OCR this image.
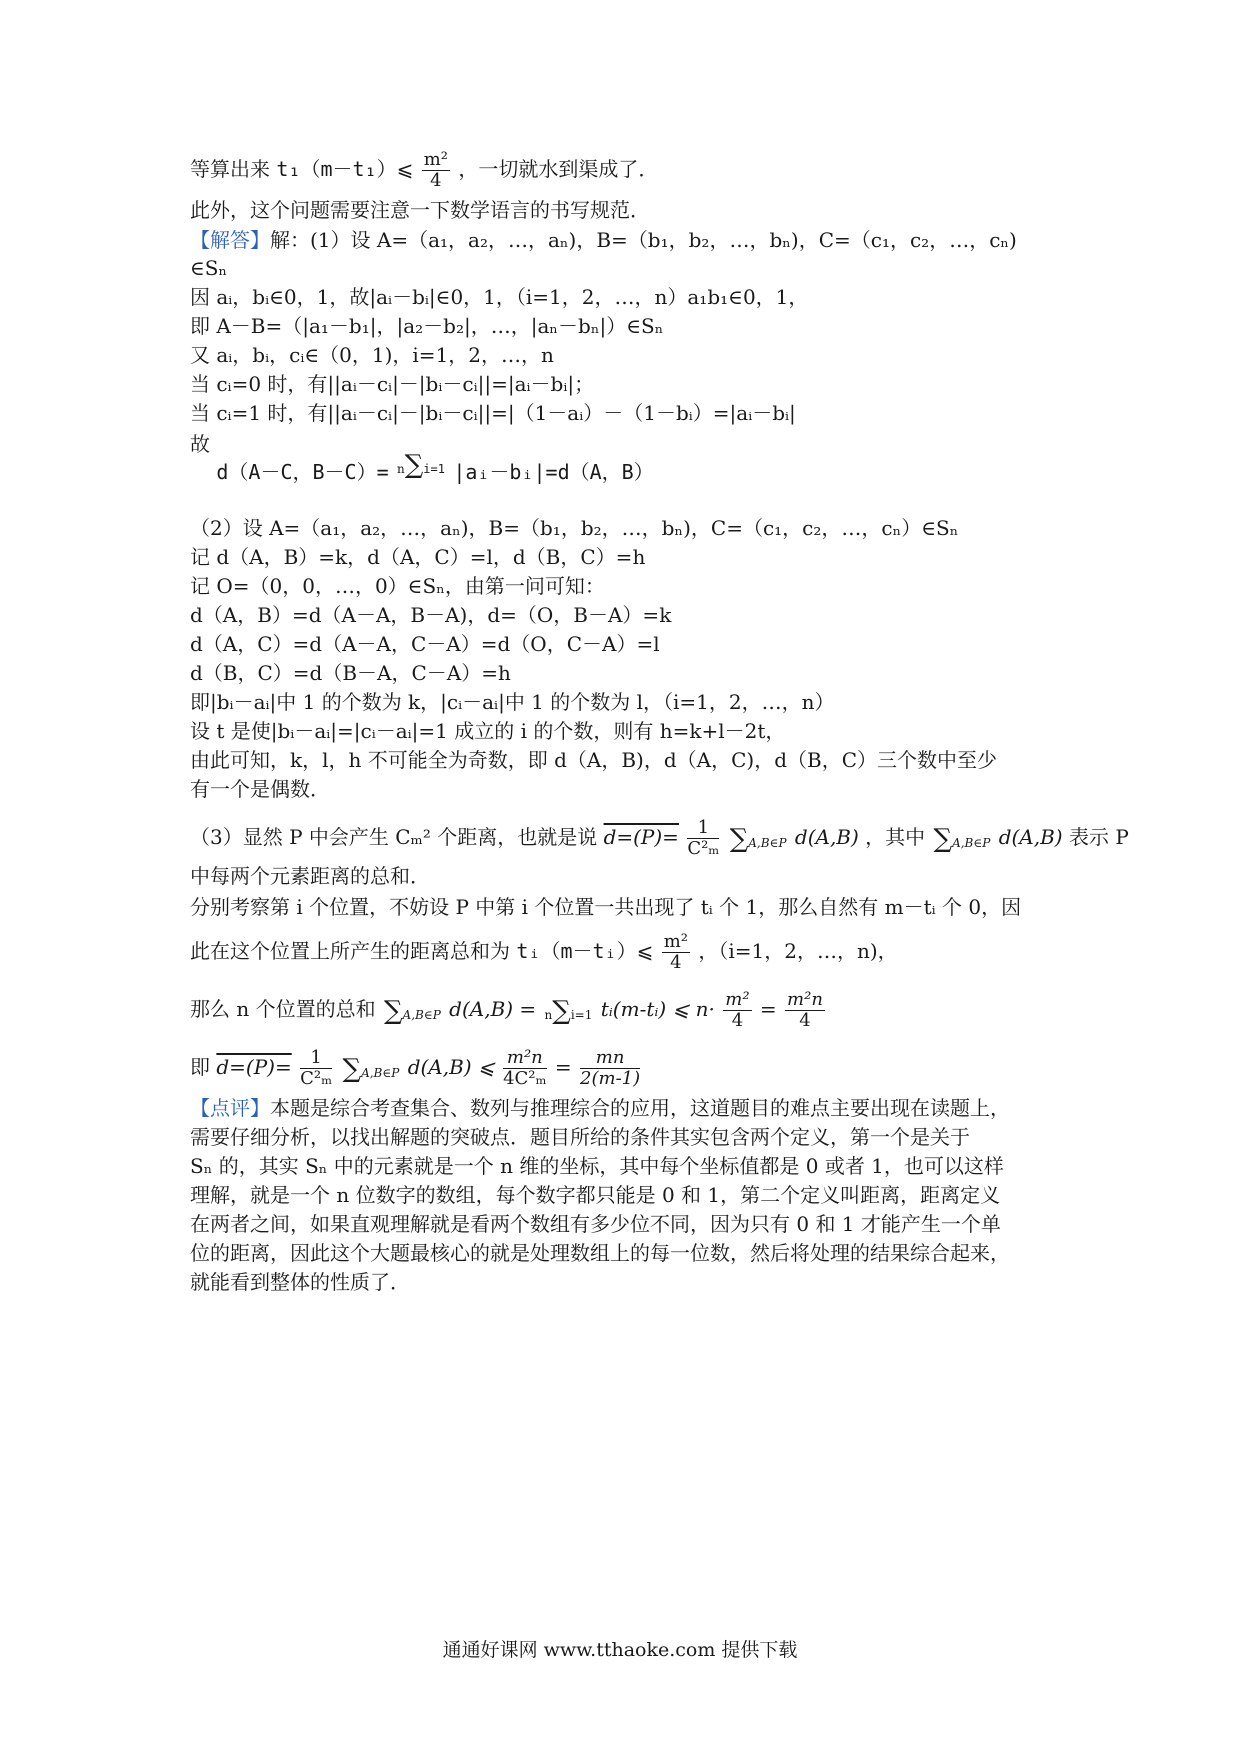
等算出来 t₁（m－t₁）⩽ $\frac{\text{m²}}{4}$ ，一切就水到渠成了．
此外，这个问题需要注意一下数学语言的书写规范．
【解答】解：(1）设 A=（a₁，a₂，…，aₙ)，B=（b₁，b₂，…，bₙ)，C=（c₁，c₂，…，cₙ)
∈Sₙ
因 aᵢ，bᵢ∈0，1，故|aᵢ－bᵢ|∈0，1，（i=1，2，…，n）a₁b₁∈0，1，
即 A－B=（|a₁－b₁|，|a₂－b₂|，…，|aₙ－bₙ|）∈Sₙ
又 aᵢ，bᵢ，cᵢ∈（0，1)，i=1，2，…，n
当 cᵢ=0 时，有||aᵢ－cᵢ|－|bᵢ－cᵢ||=|aᵢ－bᵢ|；
当 cᵢ=1 时，有||aᵢ－cᵢ|－|bᵢ－cᵢ||=|（1－aᵢ）－（1－bᵢ）=|aᵢ－bᵢ|
故 d（A－C，B－C）= n∑i=1 |aᵢ－bᵢ|=d（A，B）
（2）设 A=（a₁，a₂，…，aₙ)，B=（b₁，b₂，…，bₙ)，C=（c₁，c₂，…，cₙ）∈Sₙ
记 d（A，B）=k，d（A，C）=l，d（B，C）=h
记 O=（0，0，…，0）∈Sₙ，由第一问可知：
d（A，B）=d（A－A，B－A)，d=（O，B－A）=k
d（A，C）=d（A－A，C－A）=d（O，C－A）=l
d（B，C）=d（B－A，C－A）=h
即|bᵢ－aᵢ|中 1 的个数为 k，|cᵢ－aᵢ|中 1 的个数为 l，（i=1，2，…，n）
设 t 是使|bᵢ－aᵢ|=|cᵢ－aᵢ|=1 成立的 i 的个数，则有 h=k+l－2t，
由此可知，k，l，h 不可能全为奇数，即 d（A，B)，d（A，C)，d（B，C）三个数中至少
有一个是偶数．
（3）显然 P 中会产生 Cₘ² 个距离，也就是说 $d=(P)= \frac{1}{\text{C²ₘ}}$ ∑A,B∈P d(A,B) ，其中 ∑A,B∈P d(A,B) 表示 P
中每两个元素距离的总和．
分别考察第 i 个位置，不妨设 P 中第 i 个位置一共出现了 tᵢ 个 1，那么自然有 m－tᵢ 个 0，因
此在这个位置上所产生的距离总和为 tᵢ（m－tᵢ）⩽ $\frac{\text{m²}}{4}$ ，（i=1，2，…，n)，
那么 n 个位置的总和 ∑A,B∈P d(A,B) = n∑i=1 tᵢ(m-tᵢ) ⩽ $n\cdot \frac{\text{m²}}{4} = \frac{\text{m²n}}{4}$
即 $d=(P)= \frac{1}{\text{C²ₘ}}$ ∑A,B∈P d(A,B) ⩽ $\frac{\text{m²n}}{\text{4C²ₘ}} = \frac{mn}{2(m-1)}$
【点评】本题是综合考查集合、数列与推理综合的应用，这道题目的难点主要出现在读题上，
需要仔细分析，以找出解题的突破点．题目所给的条件其实包含两个定义，第一个是关于
Sₙ 的，其实 Sₙ 中的元素就是一个 n 维的坐标，其中每个坐标值都是 0 或者 1，也可以这样
理解，就是一个 n 位数字的数组，每个数字都只能是 0 和 1，第二个定义叫距离，距离定义
在两者之间，如果直观理解就是看两个数组有多少位不同，因为只有 0 和 1 才能产生一个单
位的距离，因此这个大题最核心的就是处理数组上的每一位数，然后将处理的结果综合起来，
就能看到整体的性质了．
通通好课网 www.tthaoke.com 提供下载
